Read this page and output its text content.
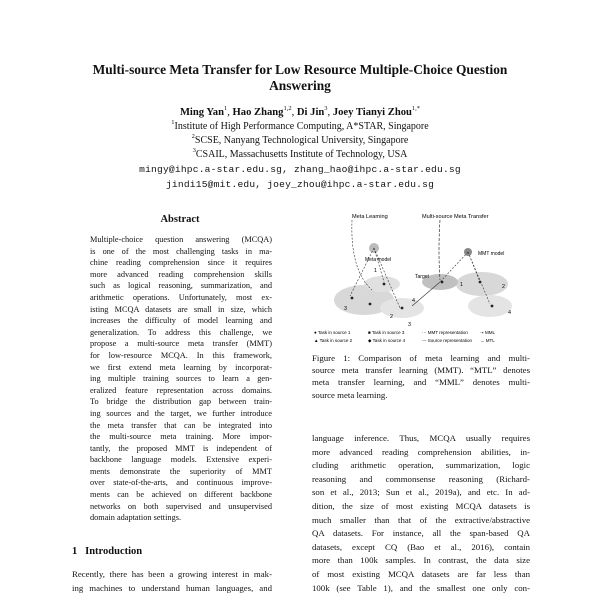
Multi-source Meta Transfer for Low Resource Multiple-Choice Question
Answering
Ming Yan$^1$, Hao Zhang$^{1,2}$, Di Jin$^3$, Joey Tianyi Zhou$^{1,*}$
$^1$Institute of High Performance Computing, A*STAR, Singapore
$^2$SCSE, Nanyang Technological University, Singapore
$^3$CSAIL, Massachusetts Institute of Technology, USA
mingy@ihpc.a-star.edu.sg, zhang_hao@ihpc.a-star.edu.sg
jindi15@mit.edu, joey_zhou@ihpc.a-star.edu.sg
Abstract
Multiple-choice question answering (MCQA)
is one of the most challenging tasks in ma-
chine reading comprehension since it requires
more advanced reading comprehension skills
such as logical reasoning, summarization, and
arithmetic operations. Unfortunately, most ex-
isting MCQA datasets are small in size, which
increases the difficulty of model learning and
generalization. To address this challenge, we
propose a multi-source meta transfer (MMT)
for low-resource MCQA. In this framework,
we first extend meta learning by incorporat-
ing multiple training sources to learn a gen-
eralized feature representation across domains.
To bridge the distribution gap between train-
ing sources and the target, we further introduce
the meta transfer that can be integrated into
the multi-source meta training. More impor-
tantly, the proposed MMT is independent of
backbone language models. Extensive experi-
ments demonstrate the superiority of MMT
over state-of-the-arts, and continuous improve-
ments can be achieved on different backbone
networks on both supervised and unsupervised
domain adaptation settings.
1 Introduction
Recently, there has been a growing interest in mak-
ing machines to understand human languages, and
Meta Learning	Multi-source Meta Transfer
Meta model
MMT model
Target
1
2
3
4
1	2
3
4
● Task in source 1	■ Task in source 3	··· MMT representation	⇢ MML
▲ Task in source 2	◆ Task in source 4	--- Source representation → MTL
Figure 1: Comparison of meta learning and multi-
source meta transfer learning (MMT). “MTL” denotes
meta transfer learning, and “MML” denotes multi-
source meta learning.
language inference. Thus, MCQA usually requires
more advanced reading comprehension abilities, in-
cluding arithmetic operation, summarization, logic
reasoning and commonsense reasoning (Richard-
son et al., 2013; Sun et al., 2019a), and etc. In ad-
dition, the size of most existing MCQA datasets is
much smaller than that of the extractive/abstractive
QA datasets. For instance, all the span-based QA
datasets, except CQ (Bao et al., 2016), contain
more than 100k samples. In contrast, the data size
of most existing MCQA datasets are far less than
100k (see Table 1), and the smallest one only con-
